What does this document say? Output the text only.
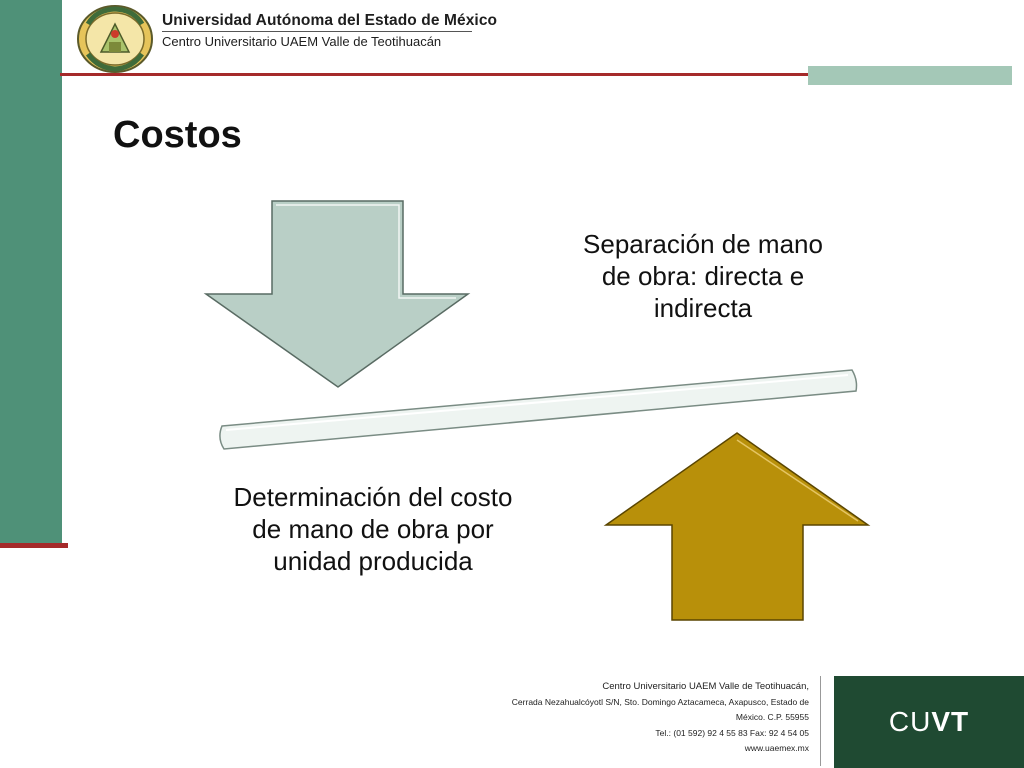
Universidad Autónoma del Estado de México
Centro Universitario UAEM Valle de Teotihuacán
Costos
Separación de mano de obra: directa e indirecta
Determinación del costo de mano de obra por unidad producida
Centro Universitario UAEM Valle de Teotihuacán,
Cerrada Nezahualcóyotl S/N, Sto. Domingo Aztacameca, Axapusco, Estado de
México. C.P. 55955
Tel.: (01 592) 92 4 55 83 Fax: 92 4 54 05
www.uaemex.mx
CUVT
